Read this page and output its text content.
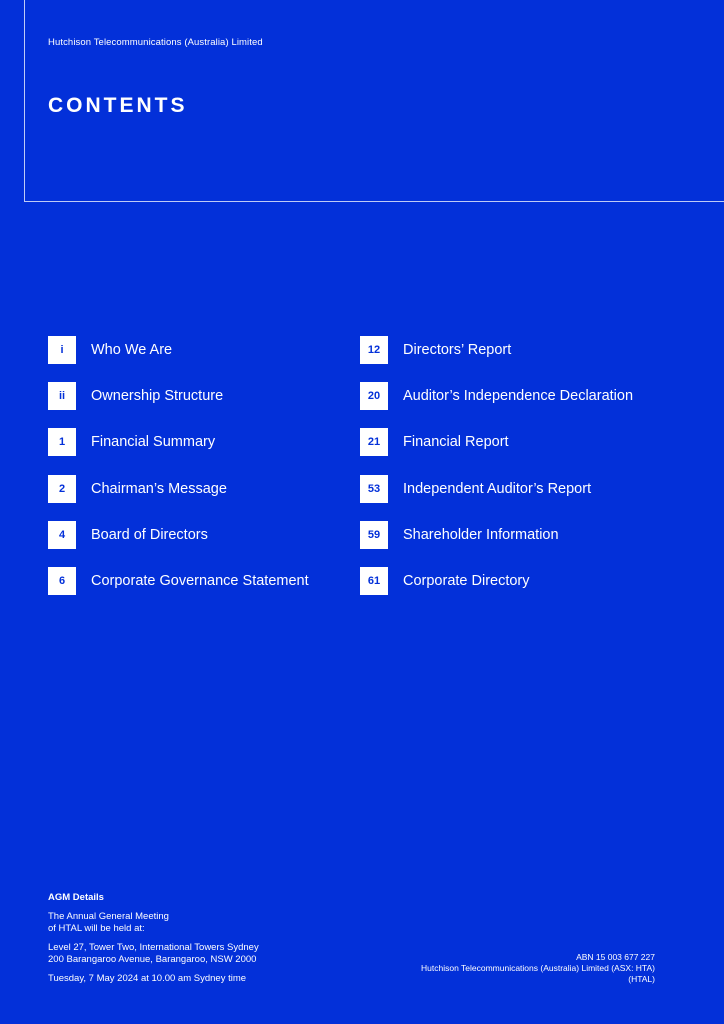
Hutchison Telecommunications (Australia) Limited
CONTENTS
i	Who We Are
ii	Ownership Structure
1	Financial Summary
2	Chairman’s Message
4	Board of Directors
6	Corporate Governance Statement
12	Directors’ Report
20	Auditor’s Independence Declaration
21	Financial Report
53	Independent Auditor’s Report
59	Shareholder Information
61	Corporate Directory
AGM Details

The Annual General Meeting
of HTAL will be held at:

Level 27, Tower Two, International Towers Sydney
200 Barangaroo Avenue, Barangaroo, NSW 2000

Tuesday, 7 May 2024 at 10.00 am Sydney time

ABN 15 003 677 227
Hutchison Telecommunications (Australia) Limited (ASX: HTA)
(HTAL)
